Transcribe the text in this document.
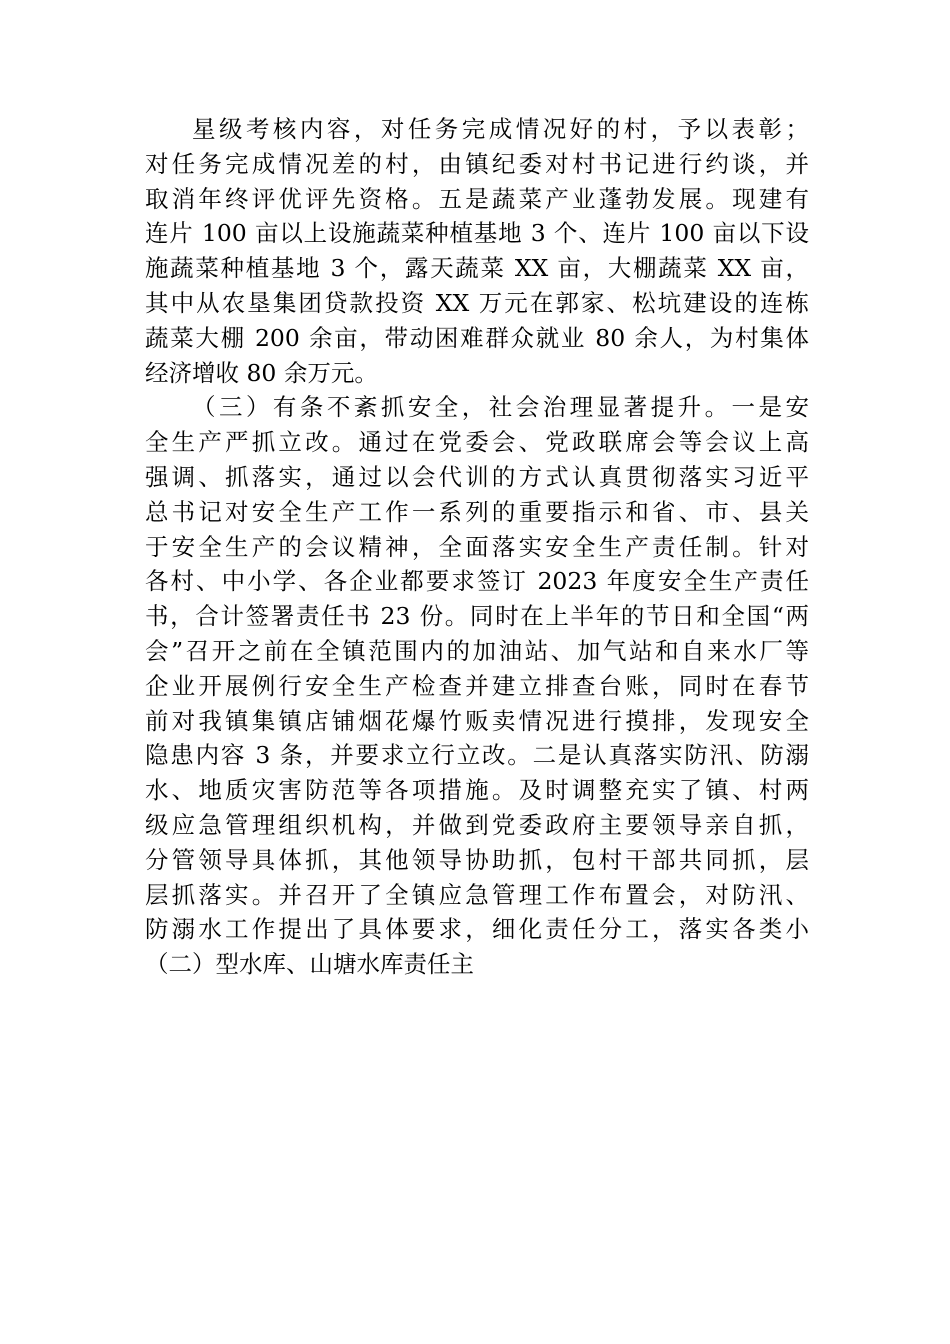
星级考核内容，对任务完成情况好的村，予以表彰；
对任务完成情况差的村，由镇纪委对村书记进行约谈，并
取消年终评优评先资格。五是蔬菜产业蓬勃发展。现建有
连片 100 亩以上设施蔬菜种植基地 3 个、连片 100 亩以下设
施蔬菜种植基地 3 个，露天蔬菜 XX 亩，大棚蔬菜 XX 亩，
其中从农垦集团贷款投资 XX 万元在郭家、松坑建设的连栋
蔬菜大棚 200 余亩，带动困难群众就业 80 余人，为村集体
经济增收 80 余万元。
（三）有条不紊抓安全，社会治理显著提升。一是安
全生产严抓立改。通过在党委会、党政联席会等会议上高
强调、抓落实，通过以会代训的方式认真贯彻落实习近平
总书记对安全生产工作一系列的重要指示和省、市、县关
于安全生产的会议精神，全面落实安全生产责任制。针对
各村、中小学、各企业都要求签订 2023 年度安全生产责任
书，合计签署责任书 23 份。同时在上半年的节日和全国“两
会”召开之前在全镇范围内的加油站、加气站和自来水厂等
企业开展例行安全生产检查并建立排查台账，同时在春节
前对我镇集镇店铺烟花爆竹贩卖情况进行摸排，发现安全
隐患内容 3 条，并要求立行立改。二是认真落实防汛、防溺
水、地质灾害防范等各项措施。及时调整充实了镇、村两
级应急管理组织机构，并做到党委政府主要领导亲自抓，
分管领导具体抓，其他领导协助抓，包村干部共同抓，层
层抓落实。并召开了全镇应急管理工作布置会，对防汛、
防溺水工作提出了具体要求，细化责任分工，落实各类小
（二）型水库、山塘水库责任主
